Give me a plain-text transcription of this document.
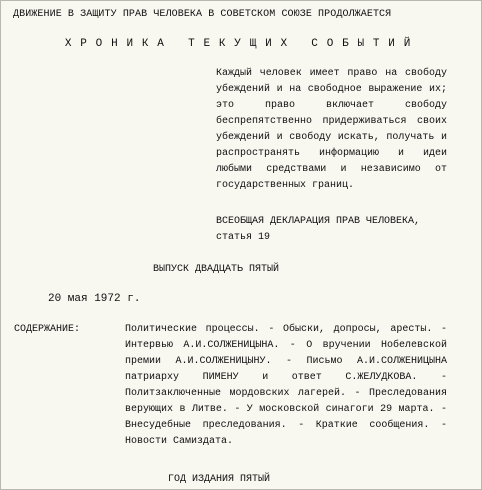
ДВИЖЕНИЕ В ЗАЩИТУ ПРАВ ЧЕЛОВЕКА В СОВЕТСКОМ СОЮЗЕ ПРОДОЛЖАЕТСЯ
ХРОНИКА ТЕКУЩИХ СОБЫТИЙ
Каждый человек имеет право на свободу убеждений и на свободное выражение их; это право включает свободу беспрепятственно придерживаться своих убеждений и свободу искать, получать и распространять информацию и идеи любыми средствами и независимо от государственных границ.
ВСЕОБЩАЯ ДЕКЛАРАЦИЯ ПРАВ ЧЕЛОВЕКА,
статья 19
ВЫПУСК ДВАДЦАТЬ ПЯТЫЙ
20 мая 1972 г.
СОДЕРЖАНИЕ:	Политические процессы. - Обыски, допросы, аресты. - Интервью А.И.СОЛЖЕНИЦЫНА. - О вручении Нобелевской премии А.И.СОЛЖЕНИЦЫНУ. - Письмо А.И.СОЛЖЕНИЦЫНА патриарху ПИМЕНУ и ответ С.ЖЕЛУДКОВА. - Политзаключенные мордовских лагерей. - Преследования верующих в Литве. - У московской синагоги 29 марта. - Внесудебные преследования. - Краткие сообщения. - Новости Самиздата.
ГОД ИЗДАНИЯ ПЯТЫЙ
